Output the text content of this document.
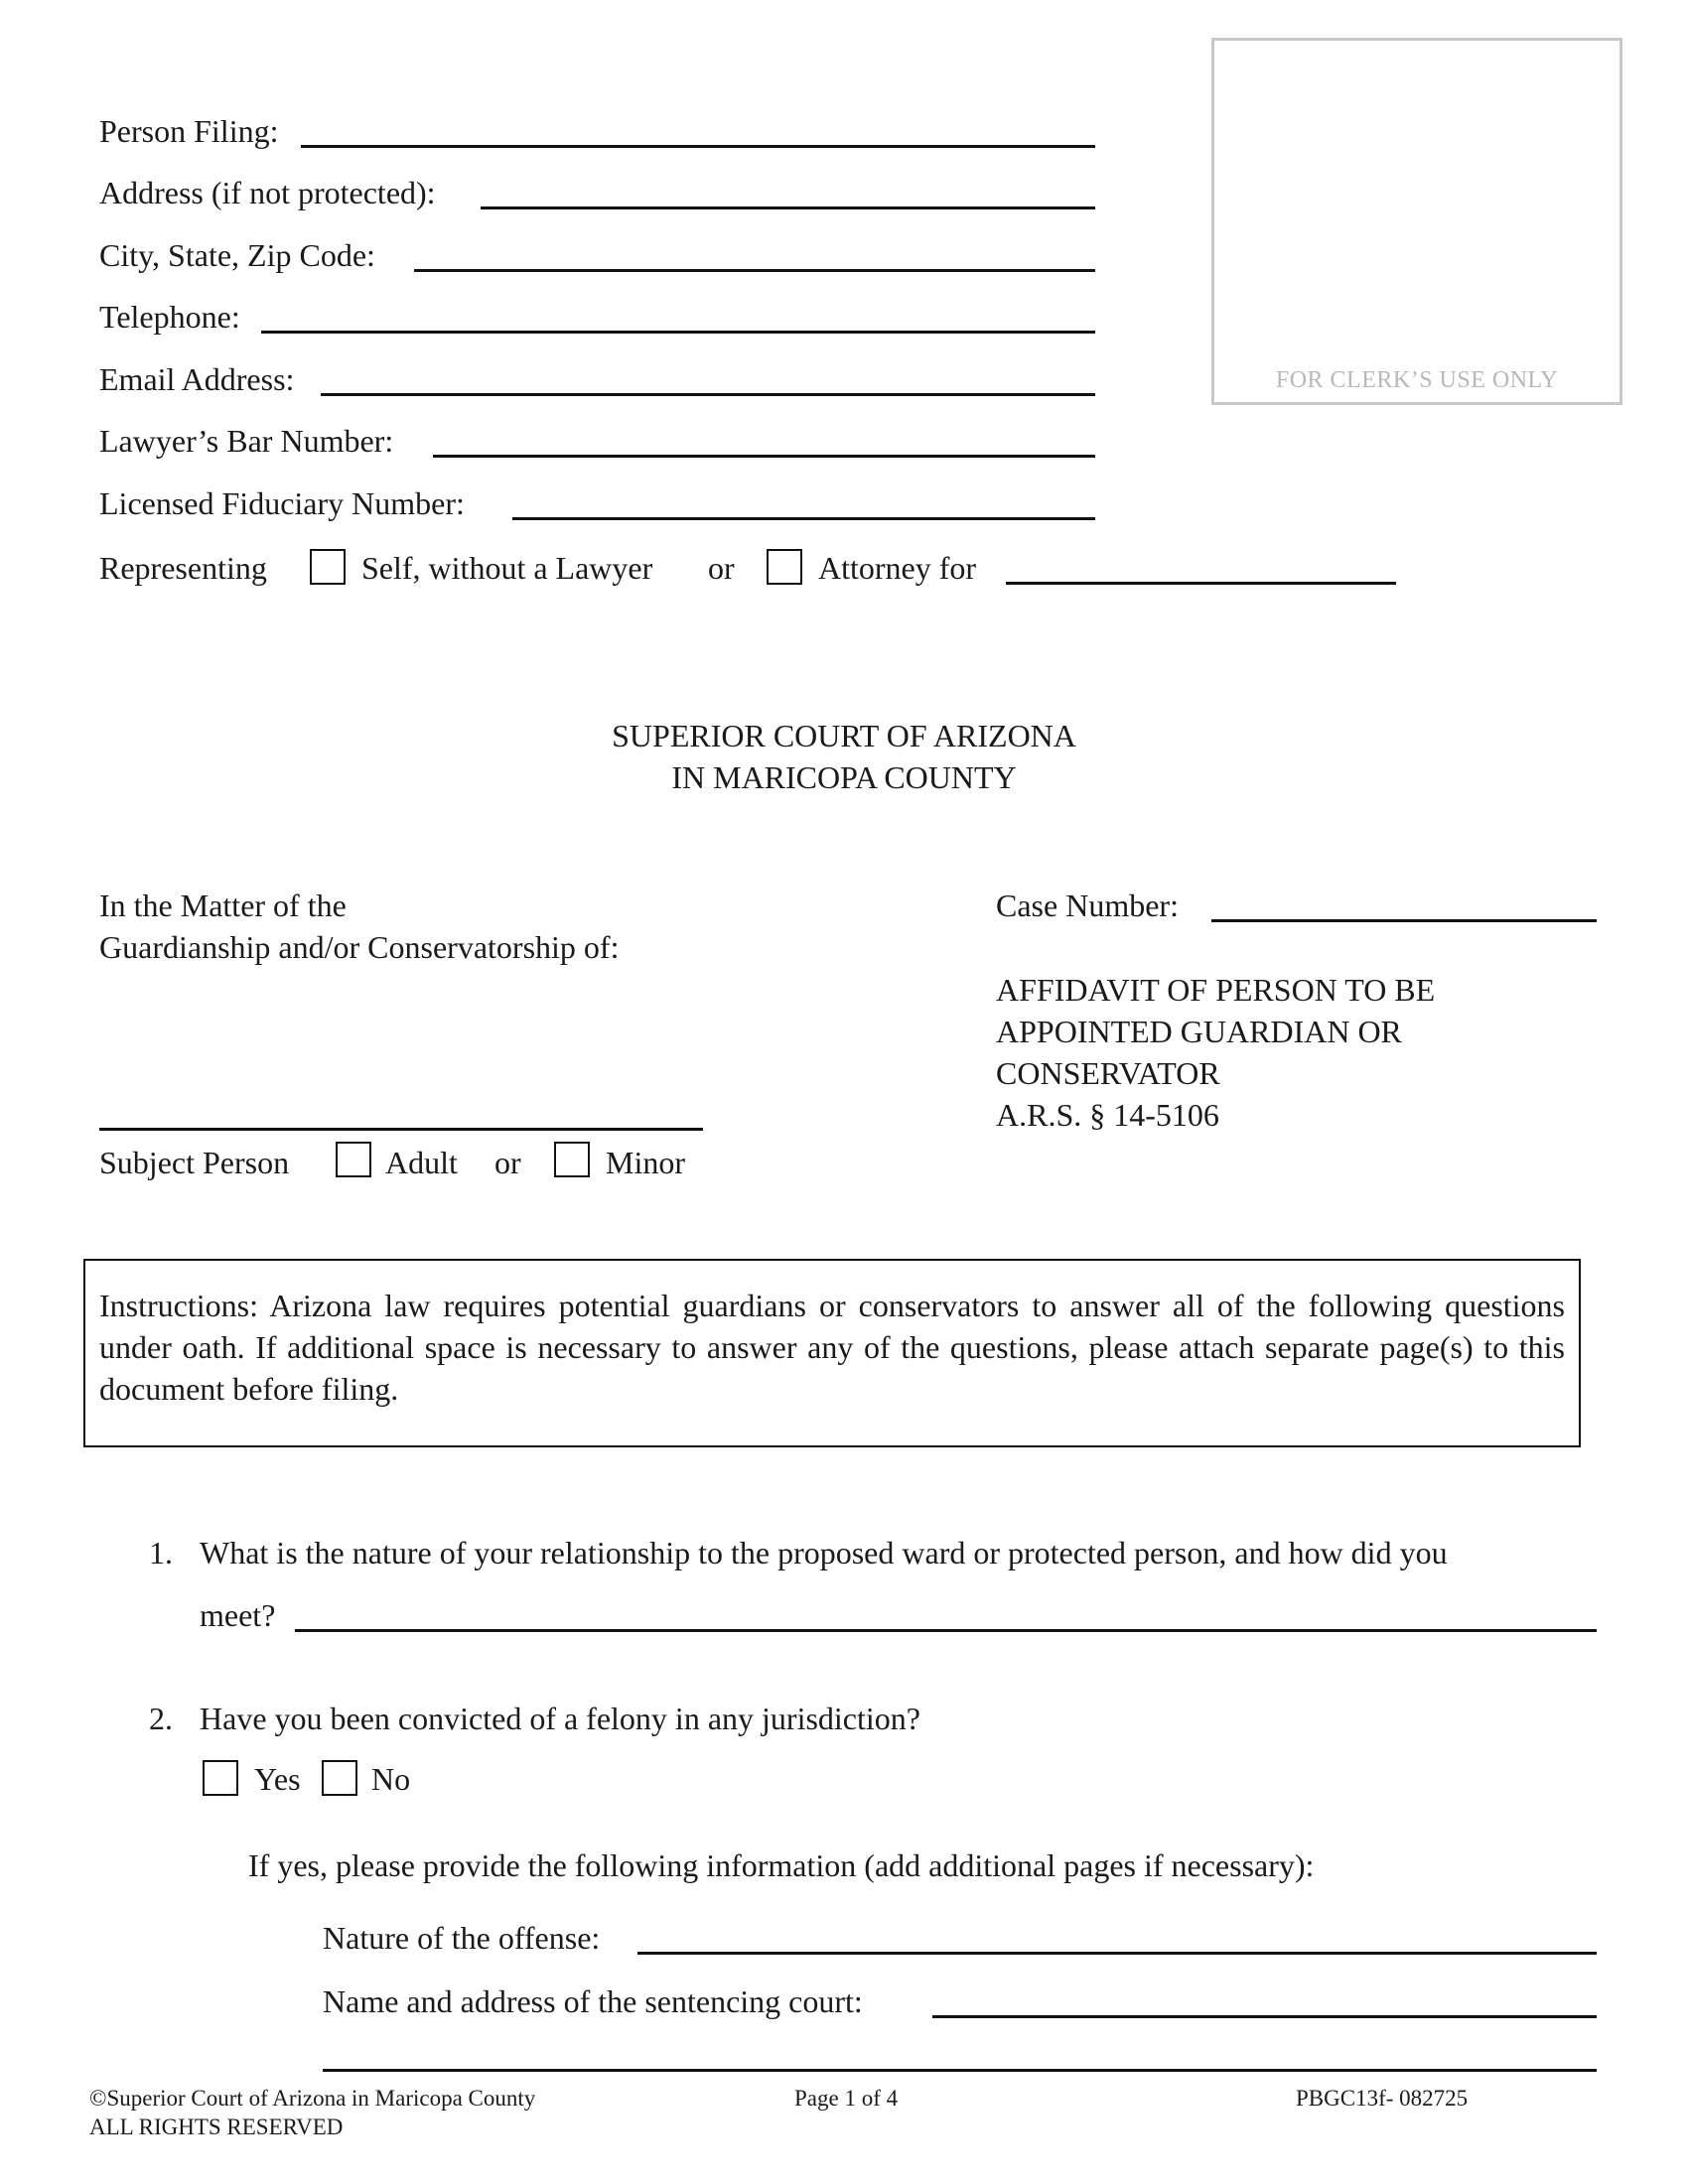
FOR CLERK’S USE ONLY
Person Filing:
Address (if not protected):
City, State, Zip Code:
Telephone:
Email Address:
Lawyer’s Bar Number:
Licensed Fiduciary Number:
Representing	Self, without a Lawyer or	Attorney for
SUPERIOR COURT OF ARIZONA
IN MARICOPA COUNTY
In the Matter of the
Guardianship and/or Conservatorship of:
Subject Person	Adult or	Minor
Case Number:
AFFIDAVIT OF PERSON TO BE
APPOINTED GUARDIAN OR
CONSERVATOR
A.R.S. § 14-5106
Instructions: Arizona law requires potential guardians or conservators to answer all of the following questions under oath. If additional space is necessary to answer any of the questions, please attach separate page(s) to this document before filing.
1. What is the nature of your relationship to the proposed ward or protected person, and how did you
meet?
2. Have you been convicted of a felony in any jurisdiction?
Yes No
If yes, please provide the following information (add additional pages if necessary):
Nature of the offense:
Name and address of the sentencing court:
©Superior Court of Arizona in Maricopa County
ALL RIGHTS RESERVED
Page 1 of 4	PBGC13f- 082725
